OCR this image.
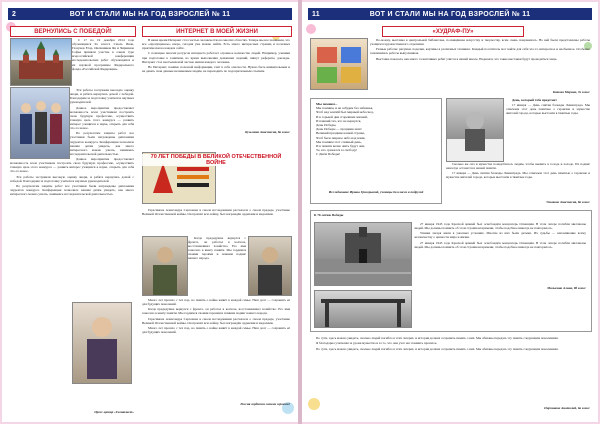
2	ВОТ И СТАЛИ МЫ НА ГОД ВЗРОСЛЕЙ № 11
ВЕРНУЛИСЬ С ПОБЕДОЙ!

С 17 по 19 декабря 2014 года обучающиеся 9а класса Смоль Иван, Глазунов Егор, Овсянников Ян и Чирнинов Софья приняли участие в очном туре всероссийской конференции исследовательских работ обучающихся и их научной программы Федерального фонда «Российской Федерации».

Эти работы заслужили высокую оценку жюри, и ребята вернулись домой с победой. Благодарим за подготовку учителя и научных руководителей.

Данное мероприятие предоставляет возможность всем участникам построить свою будущую профессию, осуществить главную цель этого конкурса — развить интерес учащихся к науке, открыть для себя что-то новое.

По результатам защиты работ все участники были награждены дипломами лауреатов конкурса. Конференция позволила нашим детям увидеть, как много интересного можно узнать, занимаясь исследовательской деятельностью.

Данное мероприятие предоставляет возможность всем участникам построить свою будущую профессию, осуществить главную цель этого конкурса — развить интерес учащихся к науке, открыть для себя что-то новое.

Эти работы заслужили высокую оценку жюри, и ребята вернулись домой с победой. Благодарим за подготовку учителя и научных руководителей.

По результатам защиты работ все участники были награждены дипломами лауреатов конкурса. Конференция позволила нашим детям увидеть, как много интересного можно узнать, занимаясь исследовательской деятельностью.

Пресс-центр «Гимназист»
ИНТЕРНЕТ В МОЕЙ ЖИЗНИ

В наше время Интернет стал частью человечества во многих областях. Теперь мы все понимаем, что все «пропущенное» вчера, сегодня уже можно найти. Есть много интересных страниц и полезных практически на каждом сайте.

С помощью многих ресурсов интернета работает огромное количество людей. Например, ученики при подготовке к занятиям, во время выполнения домашних заданий, пишут рефераты, доклады. Интернет стал неотъемлемой частью жизни каждого человека.

Но Интернет, помимо полезной информации, таит в себе опасности. Нужно быть внимательным и не давать свои данные незнакомым людям, не переходить по подозрительным ссылкам.

Кузьмина Анастасия, 8а класс
70 ЛЕТ ПОБЕДЫ В ВЕЛИКОЙ ОТЕЧЕСТВЕННОЙ ВОЙНЕ

Герасимова Александра Сергеевна в своем исследовании рассказала о своем прадеде, участнике Великой Отечественной войны. Он прошёл всю войну, был награждён орденами и медалями.

Когда прадедушка вернулся с фронта, он работал в колхозе, восстанавливал хозяйство. Его имя занесено в книгу памяти. Мы гордимся своими героями и помним подвиг нашего народа.

Много лет прошло с тех пор, но память о войне живёт в каждой семье. Наш долг — сохранить её для будущих поколений.

Когда прадедушка вернулся с фронта, он работал в колхозе, восстанавливал хозяйство. Его имя занесено в книгу памяти. Мы гордимся своими героями и помним подвиг нашего народа.

Герасимова Александра Сергеевна в своем исследовании рассказала о своем прадеде, участнике Великой Отечественной войны. Он прошёл всю войну, был награждён орденами и медалями.

Много лет прошло с тех пор, но память о войне живёт в каждой семье. Наш долг — сохранить её для будущих поколений.

Россия гордится своими героями!
11	ВОТ И СТАЛИ МЫ НА ГОД ВЗРОСЛЕЙ № 11
«ХУДРАФ-ПУ»

По-моему, выставка в центральной библиотеке, посвящённая искусству и творчеству, всем очень понравилась. На ней были представлены работы учащихся художественного отделения.

Разные работы: рисунки, поделки, картины в различных техниках. Каждый посетитель мог найти для себя что-то интересное и необычное. Особенно запомнились работы выпускников.

Выставка показала, как много талантливых ребят учится в нашей школе. Надеемся, что такие выставки будут проводиться чаще.

Котова Марина, 7а класс
Мы помним...
Мы помним, и не забудем без забвенья,
Чтоб над землёй был мирный небосвод,
И в горькой дни сгоревших жизней,
И павший тех, кто не вернулся,
День Победы,
День Победы — праздник наш!
Великий праздник нашей страны,
Чтоб было мирное небо над нами,
Мы помним этот славный день,
И в памяти вечно жить будут они,
Те, кто сражался за свободу!
С Днём Победы!
Исследование Ирины Григорьевой, ученицы 6а класса и подругой

День, который тебе предстоит

17 января — День снятия блокады Ленинграда. Мы отмечаем этот день памятью о героизме и мужестве жителей города, которые выстояли в тяжёлые годы.

Сколько же сил и мужества понадобилось людям, чтобы выжить в голоде и холоде. Их подвиг навсегда останется в нашей памяти.

17 января — День снятия блокады Ленинграда. Мы отмечаем этот день памятью о героизме и мужестве жителей города, которые выстояли в тяжёлые годы.

Ушакова Анастасия, 8а класс
К 70-летию Победы

27 января 1945 года Красной армией был освобождён концлагерь Освенцим. В этом лагере погибли миллионы людей. Мы должны помнить об этом страшном времени, чтобы подобное никогда не повторилось.

Узники лагеря жили в ужасных условиях. Многие из них были детьми. Их судьбы — напоминание всему человечеству о ценности мира и жизни.

27 января 1945 года Красной армией был освобождён концлагерь Освенцим. В этом лагере погибли миллионы людей. Мы должны помнить об этом страшном времени, чтобы подобное никогда не повторилось.

Малыгина Алина, 8б класс

По сути, здесь можно увидеть, сколько людей погибло в этих лагерях, и история должна сохранить память о них. Мы обязаны передать эту память следующим поколениям.

Я благодарна учителям за уроки мужества и за то, что они учат нас помнить прошлое.

По сути, здесь можно увидеть, сколько людей погибло в этих лагерях, и история должна сохранить память о них. Мы обязаны передать эту память следующим поколениям.

Парпинова Анатолий, 6а класс
